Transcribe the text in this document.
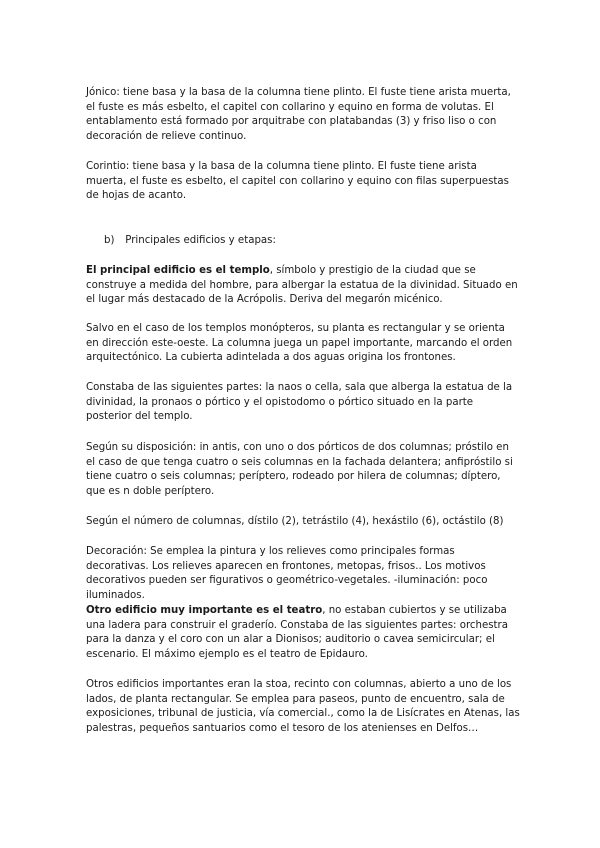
Jónico: tiene basa y la basa de la columna tiene plinto. El fuste tiene arista muerta, el fuste es más esbelto, el capitel con collarino y equino en forma de volutas. El entablamento está formado por arquitrabe con platabandas (3) y friso liso o con decoración de relieve continuo.

Corintio: tiene basa y la basa de la columna tiene plinto. El fuste tiene arista muerta, el fuste es esbelto, el capitel con collarino y equino con filas superpuestas de hojas de acanto.

b) Principales edificios y etapas:

El principal edificio es el templo, símbolo y prestigio de la ciudad que se construye a medida del hombre, para albergar la estatua de la divinidad. Situado en el lugar más destacado de la Acrópolis. Deriva del megarón micénico.

Salvo en el caso de los templos monópteros, su planta es rectangular y se orienta en dirección este-oeste. La columna juega un papel importante, marcando el orden arquitectónico. La cubierta adintelada a dos aguas origina los frontones.

Constaba de las siguientes partes: la naos o cella, sala que alberga la estatua de la divinidad, la pronaos o pórtico y el opistodomo o pórtico situado en la parte posterior del templo.

Según su disposición: in antis, con uno o dos pórticos de dos columnas; próstilo en el caso de que tenga cuatro o seis columnas en la fachada delantera; anfipróstilo si tiene cuatro o seis columnas; períptero, rodeado por hilera de columnas; díptero, que es n doble períptero.

Según el número de columnas, dístilo (2), tetrástilo (4), hexástilo (6), octástilo (8)

Decoración: Se emplea la pintura y los relieves como principales formas decorativas. Los relieves aparecen en frontones, metopas, frisos.. Los motivos decorativos pueden ser figurativos o geométrico-vegetales. -iluminación: poco iluminados.

Otro edificio muy importante es el teatro, no estaban cubiertos y se utilizaba una ladera para construir el graderío. Constaba de las siguientes partes: orchestra para la danza y el coro con un alar a Dionisos; auditorio o cavea semicircular; el escenario. El máximo ejemplo es el teatro de Epidauro.

Otros edificios importantes eran la stoa, recinto con columnas, abierto a uno de los lados, de planta rectangular. Se emplea para paseos, punto de encuentro, sala de exposiciones, tribunal de justicia, vía comercial., como la de Lisícrates en Atenas, las palestras, pequeños santuarios como el tesoro de los atenienses en Delfos…
